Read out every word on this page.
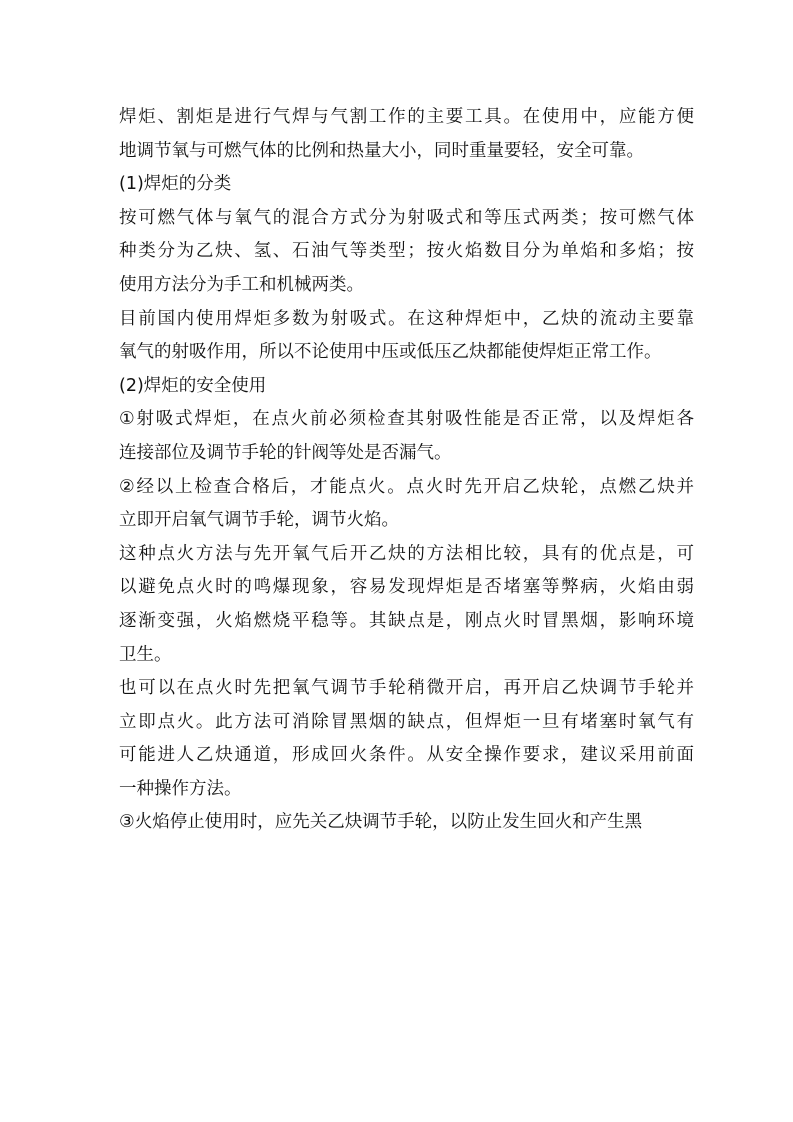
焊炬、割炬是进行气焊与气割工作的主要工具。在使用中，应能方便
地调节氧与可燃气体的比例和热量大小，同时重量要轻，安全可靠。
(1)焊炬的分类
按可燃气体与氧气的混合方式分为射吸式和等压式两类；按可燃气体
种类分为乙炔、氢、石油气等类型；按火焰数目分为单焰和多焰；按
使用方法分为手工和机械两类。
目前国内使用焊炬多数为射吸式。在这种焊炬中，乙炔的流动主要靠
氧气的射吸作用，所以不论使用中压或低压乙炔都能使焊炬正常工作。
(2)焊炬的安全使用
①射吸式焊炬，在点火前必须检查其射吸性能是否正常，以及焊炬各
连接部位及调节手轮的针阀等处是否漏气。
②经以上检查合格后，才能点火。点火时先开启乙炔轮，点燃乙炔并
立即开启氧气调节手轮，调节火焰。
这种点火方法与先开氧气后开乙炔的方法相比较，具有的优点是，可
以避免点火时的鸣爆现象，容易发现焊炬是否堵塞等弊病，火焰由弱
逐渐变强，火焰燃烧平稳等。其缺点是，刚点火时冒黑烟，影响环境
卫生。
也可以在点火时先把氧气调节手轮稍微开启，再开启乙炔调节手轮并
立即点火。此方法可消除冒黑烟的缺点，但焊炬一旦有堵塞时氧气有
可能进人乙炔通道，形成回火条件。从安全操作要求，建议采用前面
一种操作方法。
③火焰停止使用时，应先关乙炔调节手轮，以防止发生回火和产生黑
